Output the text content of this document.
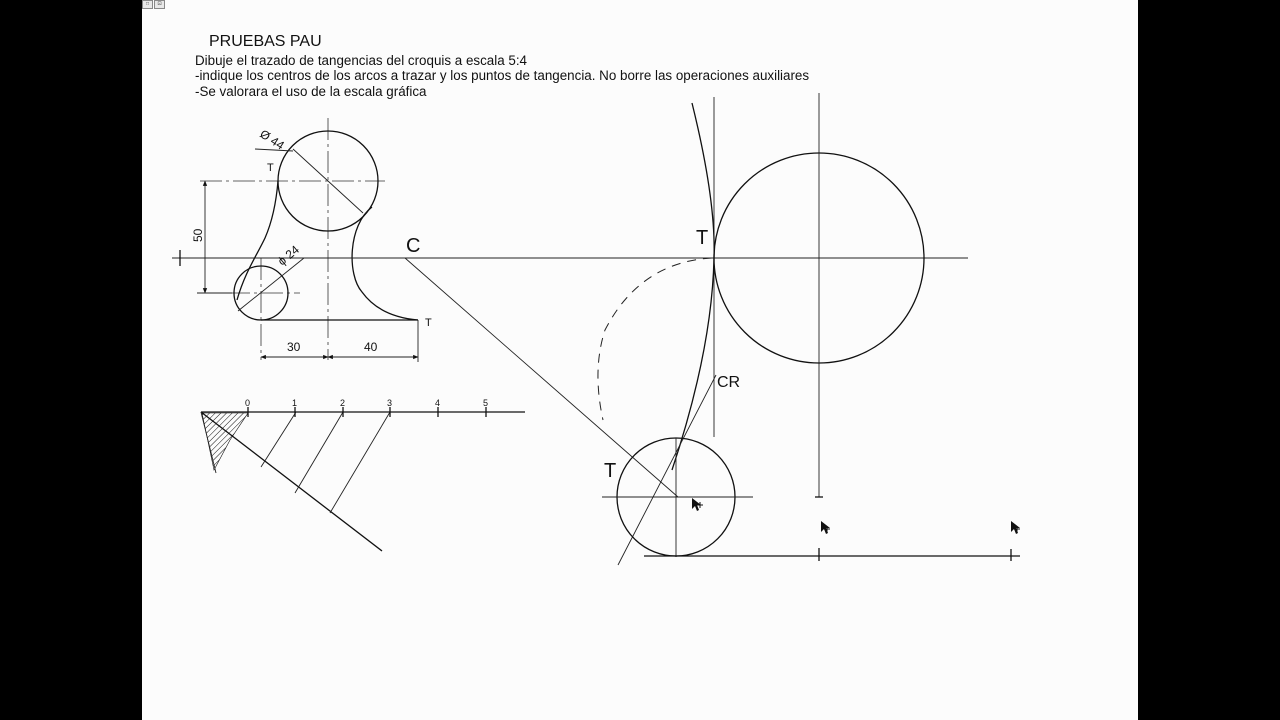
□	⊡
PRUEBAS PAU
Dibuje el trazado de tangencias del croquis a escala 5:4
-indique los centros de los arcos a trazar y los puntos de tangencia. No borre las operaciones auxiliares
-Se valorara el uso de la escala gráfica
50
30	40
Ø 44
ϕ 24
T
T
0	1	2	3	4	5
C	T
CR
T
